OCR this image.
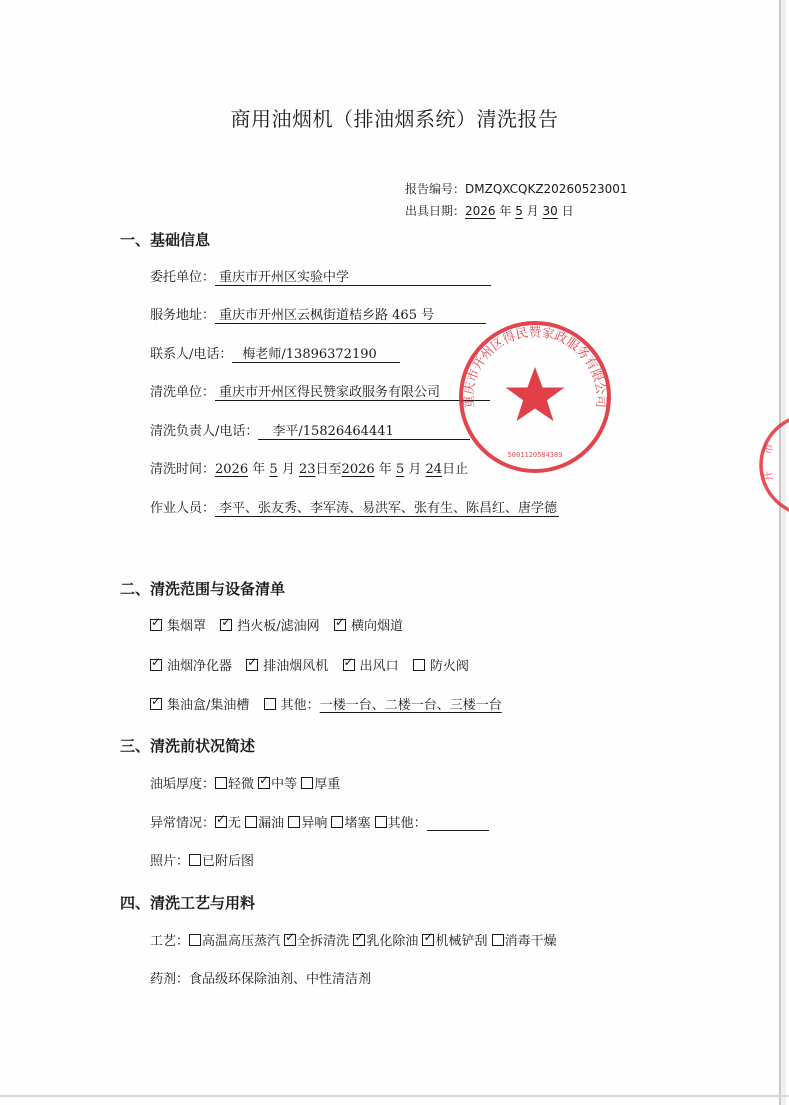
商用油烟机（排油烟系统）清洗报告
报告编号：DMZQXCQKZ20260523001
出具日期：2026 年 5 月 30 日
一、基础信息
委托单位： 重庆市开州区实验中学
服务地址： 重庆市开州区云枫街道桔乡路 465 号
联系人/电话： 梅老师/13896372190
清洗单位： 重庆市开州区得民赞家政服务有限公司
清洗负责人/电话： 李平/15826464441
清洗时间：2026 年 5 月 23日至2026 年 5 月 24日止
作业人员： 李平、张友秀、李军涛、易洪军、张有生、陈昌红、唐学德
二、清洗范围与设备清单
✓集烟罩 ✓ 挡火板/滤油网 ✓ 横向烟道
✓油烟净化器 ✓ 排油烟风机 ✓ 出风口 防火阀
✓集油盒/集油槽 其他：一楼一台、二楼一台、三楼一台
三、清洗前状况简述
油垢厚度： 轻微 ✓ 中等 厚重
异常情况： ✓ 无 漏油 异响 堵塞 其他：
照片： 已附后图
四、清洗工艺与用料
工艺： 高温高压蒸汽 ✓ 全拆清洗 ✓ 乳化除油 ✓ 机械铲刮 消毒干燥
药剂：食品级环保除油剂、中性清洁剂
重庆市开州区得民赞家政服务有限公司
5001120584389	市
开
